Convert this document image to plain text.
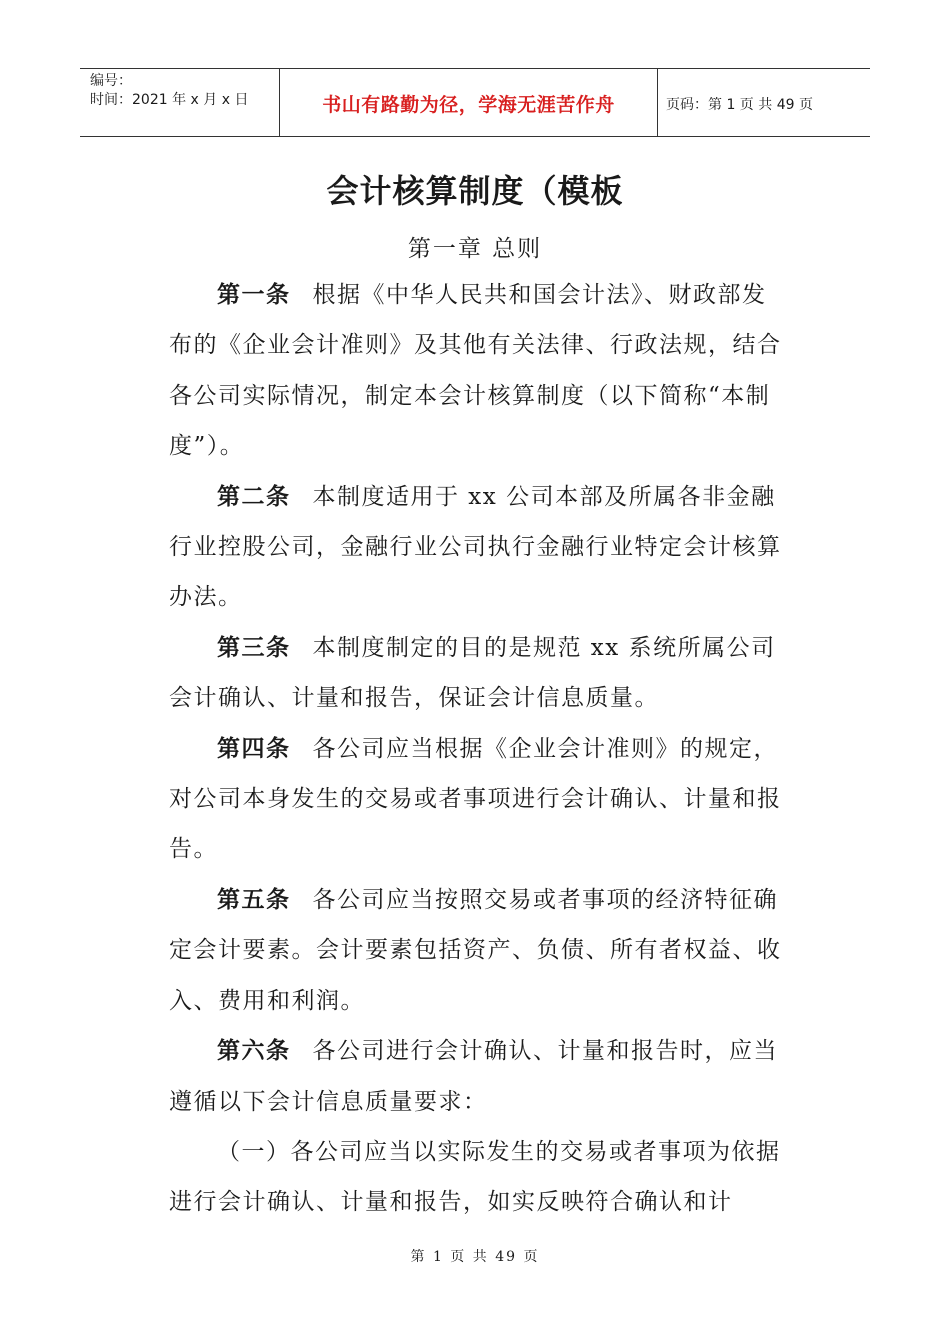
编号：
时间：2021 年 x 月 x 日	书山有路勤为径，学海无涯苦作舟	页码：第 1 页 共 49 页
会计核算制度（模板
第一章 总则

第一条 根据《中华人民共和国会计法》、财政部发布的《企业会计准则》及其他有关法律、行政法规，结合各公司实际情况，制定本会计核算制度（以下简称“本制度”）。

第二条 本制度适用于 xx 公司本部及所属各非金融行业控股公司，金融行业公司执行金融行业特定会计核算办法。

第三条 本制度制定的目的是规范 xx 系统所属公司会计确认、计量和报告，保证会计信息质量。

第四条 各公司应当根据《企业会计准则》的规定，对公司本身发生的交易或者事项进行会计确认、计量和报告。

第五条 各公司应当按照交易或者事项的经济特征确定会计要素。会计要素包括资产、负债、所有者权益、收入、费用和利润。

第六条 各公司进行会计确认、计量和报告时，应当遵循以下会计信息质量要求：

（一）各公司应当以实际发生的交易或者事项为依据进行会计确认、计量和报告，如实反映符合确认和计

第 1 页 共 49 页
